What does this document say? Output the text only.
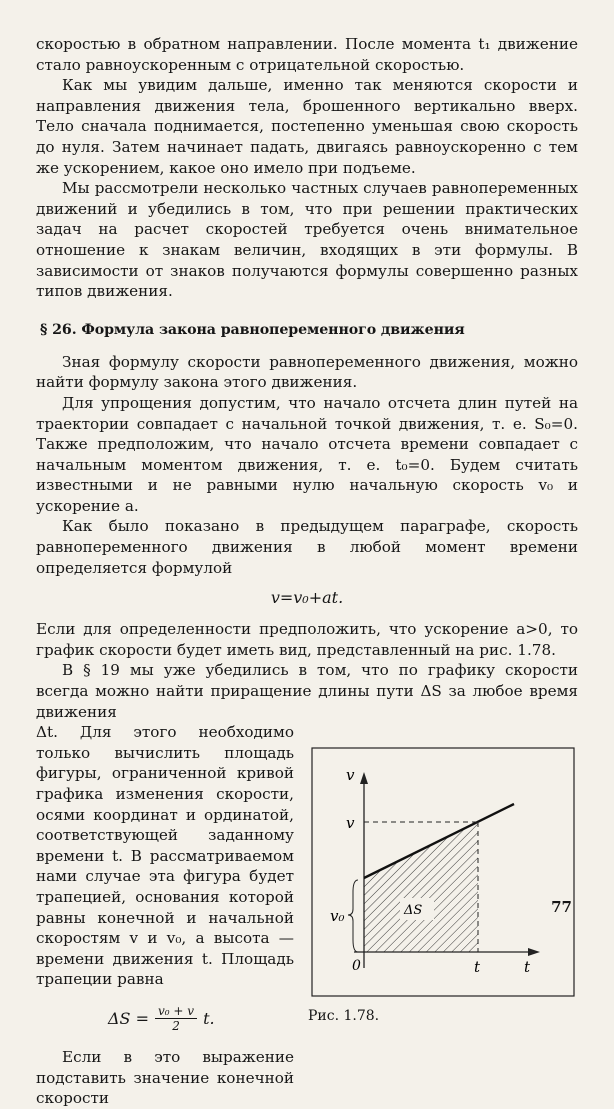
скоростью в обратном направлении. После момента t₁ движение стало равноускоренным с отрицательной скоростью.

Как мы увидим дальше, именно так меняются скорости и направления движения тела, брошенного вертикально вверх. Тело сначала поднимается, постепенно уменьшая свою скорость до нуля. Затем начинает падать, двигаясь равноускоренно с тем же ускорением, какое оно имело при подъеме.

Мы рассмотрели несколько частных случаев равнопеременных движений и убедились в том, что при решении практических задач на расчет скоростей требуется очень внимательное отношение к знакам величин, входящих в эти формулы. В зависимости от знаков получаются формулы совершенно разных типов движения.

§ 26. Формула закона равнопеременного движения

Зная формулу скорости равнопеременного движения, можно найти формулу закона этого движения.

Для упрощения допустим, что начало отсчета длин путей на траектории совпадает с начальной точкой движения, т. е. S₀=0. Также предположим, что начало отсчета времени совпадает с начальным моментом движения, т. е. t₀=0. Будем считать известными и не равными нулю начальную скорость v₀ и ускорение a.

Как было показано в предыдущем параграфе, скорость равнопеременного движения в любой момент времени определяется формулой

v=v₀+at.

Если для определенности предположить, что ускорение a>0, то график скорости будет иметь вид, представленный на рис. 1.78.

В § 19 мы уже убедились в том, что по графику скорости всегда можно найти приращение длины пути ΔS за любое время движения

Δt. Для этого необходимо только вычислить площадь фигуры, ограниченной кривой графика изменения скорости, осями координат и ординатой, соответствующей заданному времени t. В рассматриваемом нами случае эта фигура будет трапецией, основания которой равны конечной и начальной скоростям v и v₀, а высота — времени движения t. Площадь трапеции равна

$\Delta S = \frac{\text{v₀ + v}}{2} t$.

Если в это выражение подставить значение конечной скорости

v
v
v₀
0	t	t
ΔS
Рис. 1.78.
77
